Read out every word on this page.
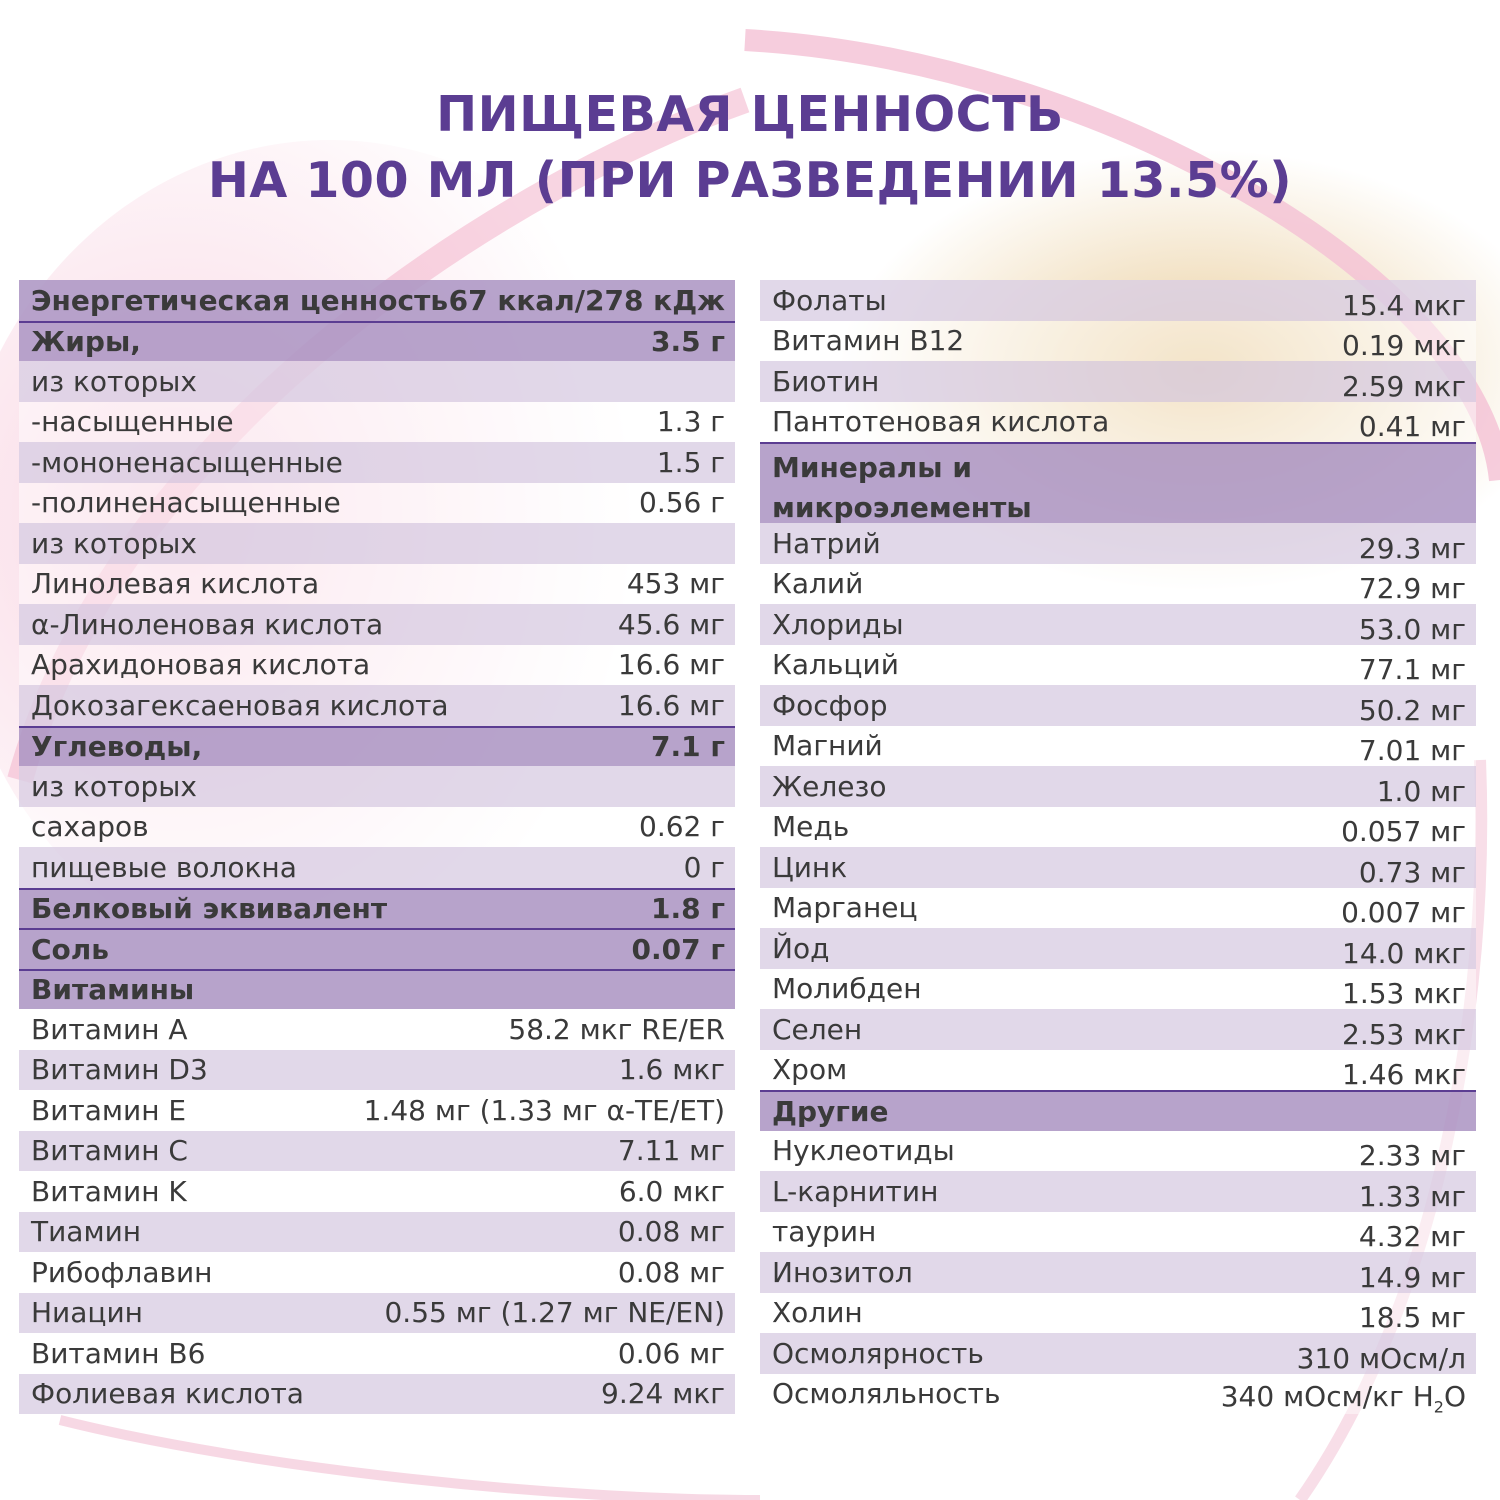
ПИЩЕВАЯ ЦЕННОСТЬ
НА 100 МЛ (ПРИ РАЗВЕДЕНИИ 13.5%)
Энергетическая ценность 67 ккал/278 кДж
Жиры,	3.5 г
из которых
-насыщенные	1.3 г
-мононенасыщенные	1.5 г
-полиненасыщенные	0.56 г
из которых
Линолевая кислота	453 мг
α-Линоленовая кислота	45.6 мг
Арахидоновая кислота	16.6 мг
Докозагексаеновая кислота	16.6 мг
Углеводы,	7.1 г
из которых
сахаров	0.62 г
пищевые волокна	0 г
Белковый эквивалент	1.8 г
Соль	0.07 г
Витамины
Витамин A	58.2 мкг RE/ER
Витамин D3	1.6 мкг
Витамин E	1.48 мг (1.33 мг α-TE/ET)
Витамин C	7.11 мг
Витамин K	6.0 мкг
Тиамин	0.08 мг
Рибофлавин	0.08 мг
Ниацин	0.55 мг (1.27 мг NE/EN)
Витамин B6	0.06 мг
Фолиевая кислота	9.24 мкг
Фолаты	15.4 мкг
Витамин B12	0.19 мкг
Биотин	2.59 мкг
Пантотеновая кислота	0.41 мг
Минералы и микроэлементы
Натрий	29.3 мг
Калий	72.9 мг
Хлориды	53.0 мг
Кальций	77.1 мг
Фосфор	50.2 мг
Магний	7.01 мг
Железо	1.0 мг
Медь	0.057 мг
Цинк	0.73 мг
Марганец	0.007 мг
Йод	14.0 мкг
Молибден	1.53 мкг
Селен	2.53 мкг
Хром	1.46 мкг
Другие
Нуклеотиды	2.33 мг
L-карнитин	1.33 мг
таурин	4.32 мг
Инозитол	14.9 мг
Холин	18.5 мг
Осмолярность	310 мОсм/л
Осмоляльность	340 мОсм/кг $H_2O$
